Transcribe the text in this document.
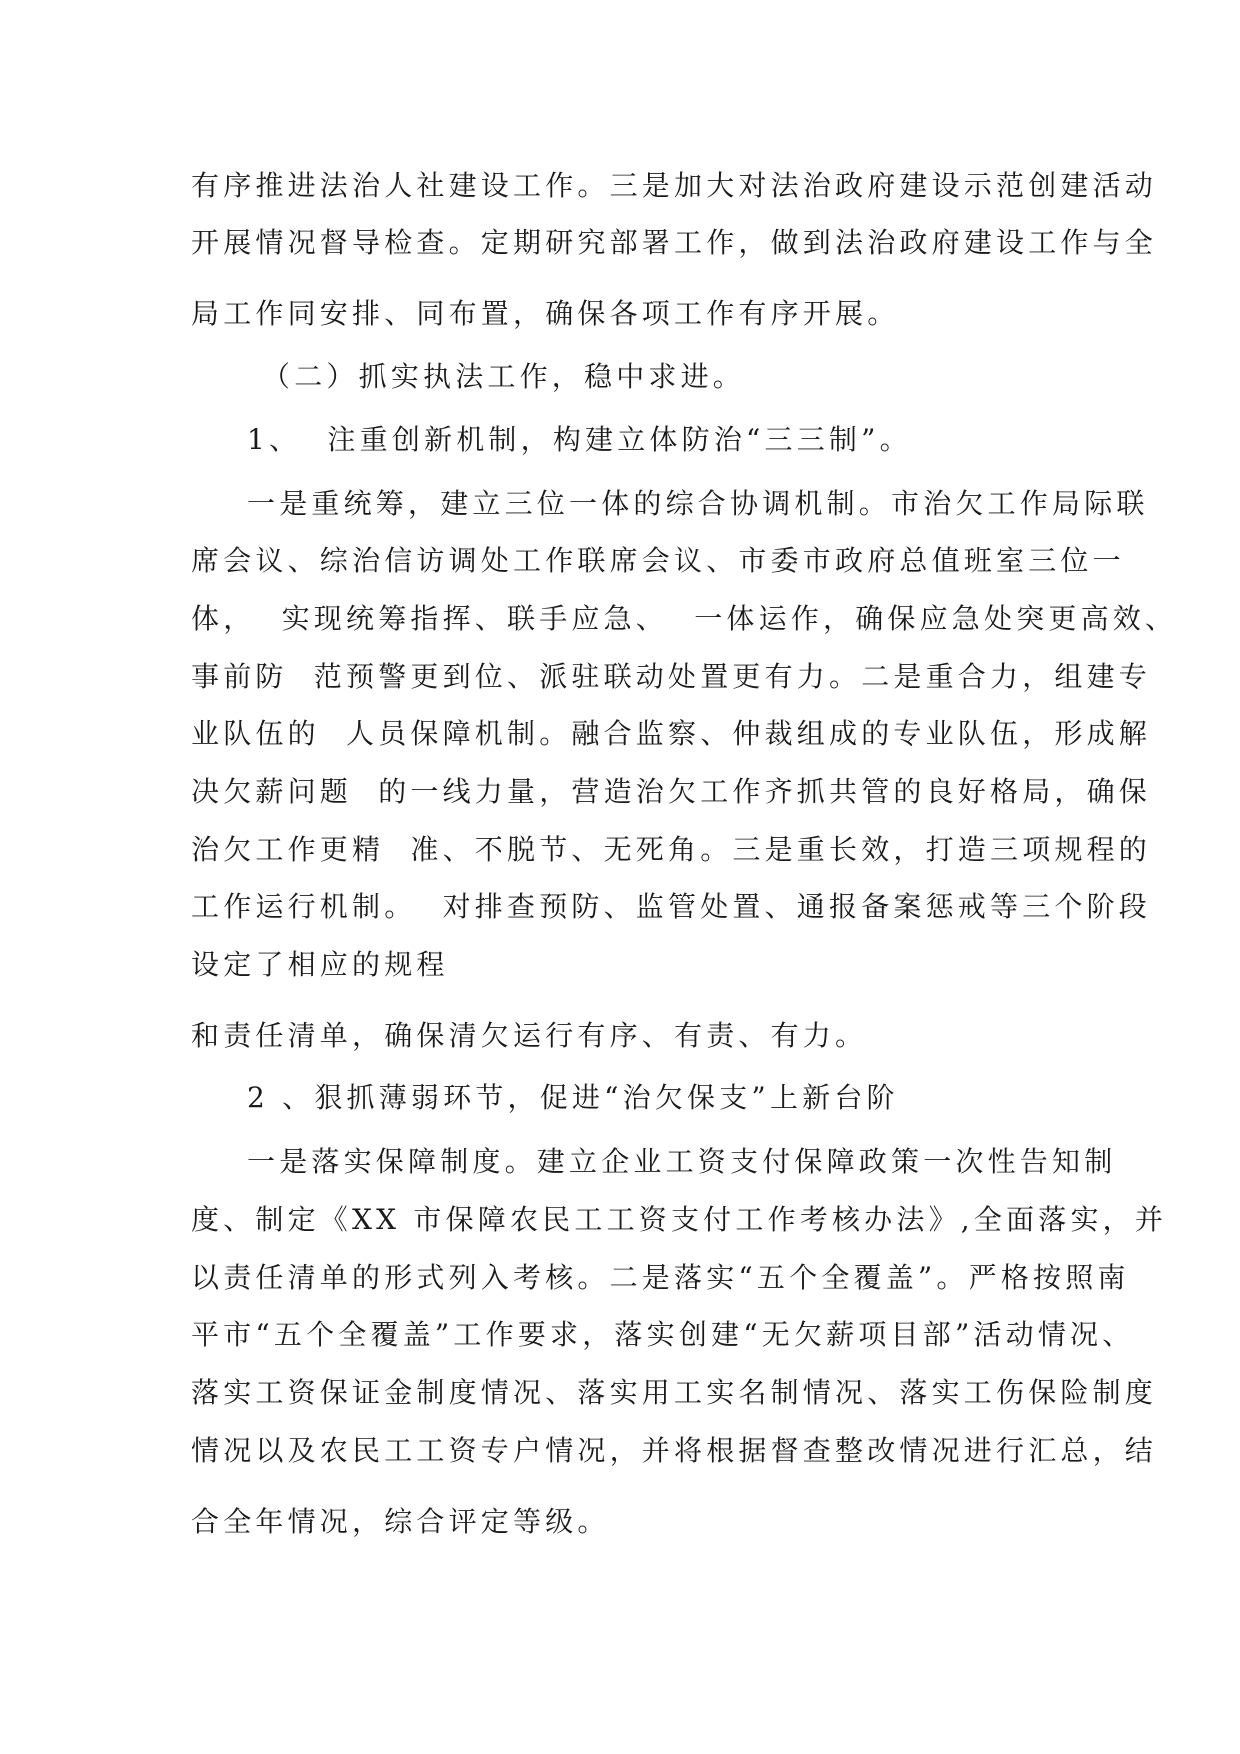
有序推进法治人社建设工作。三是加大对法治政府建设示范创建活动
开展情况督导检查。定期研究部署工作，做到法治政府建设工作与全
局工作同安排、同布置，确保各项工作有序开展。
（二）抓实执法工作，稳中求进。
1、  注重创新机制，构建立体防治“三三制”。
一是重统筹，建立三位一体的综合协调机制。市治欠工作局际联
席会议、综治信访调处工作联席会议、市委市政府总值班室三位一
体，  实现统筹指挥、联手应急、  一体运作，确保应急处突更高效、
事前防  范预警更到位、派驻联动处置更有力。二是重合力，组建专
业队伍的  人员保障机制。融合监察、仲裁组成的专业队伍，形成解
决欠薪问题  的一线力量，营造治欠工作齐抓共管的良好格局，确保
治欠工作更精  准、不脱节、无死角。三是重长效，打造三项规程的
工作运行机制。  对排查预防、监管处置、通报备案惩戒等三个阶段
设定了相应的规程
和责任清单，确保清欠运行有序、有责、有力。
2 、狠抓薄弱环节，促进“治欠保支”上新台阶
一是落实保障制度。建立企业工资支付保障政策一次性告知制
度、制定《XX 市保障农民工工资支付工作考核办法》,全面落实，并
以责任清单的形式列入考核。二是落实“五个全覆盖”。严格按照南
平市“五个全覆盖”工作要求，落实创建“无欠薪项目部”活动情况、
落实工资保证金制度情况、落实用工实名制情况、落实工伤保险制度
情况以及农民工工资专户情况，并将根据督查整改情况进行汇总，结
合全年情况，综合评定等级。
